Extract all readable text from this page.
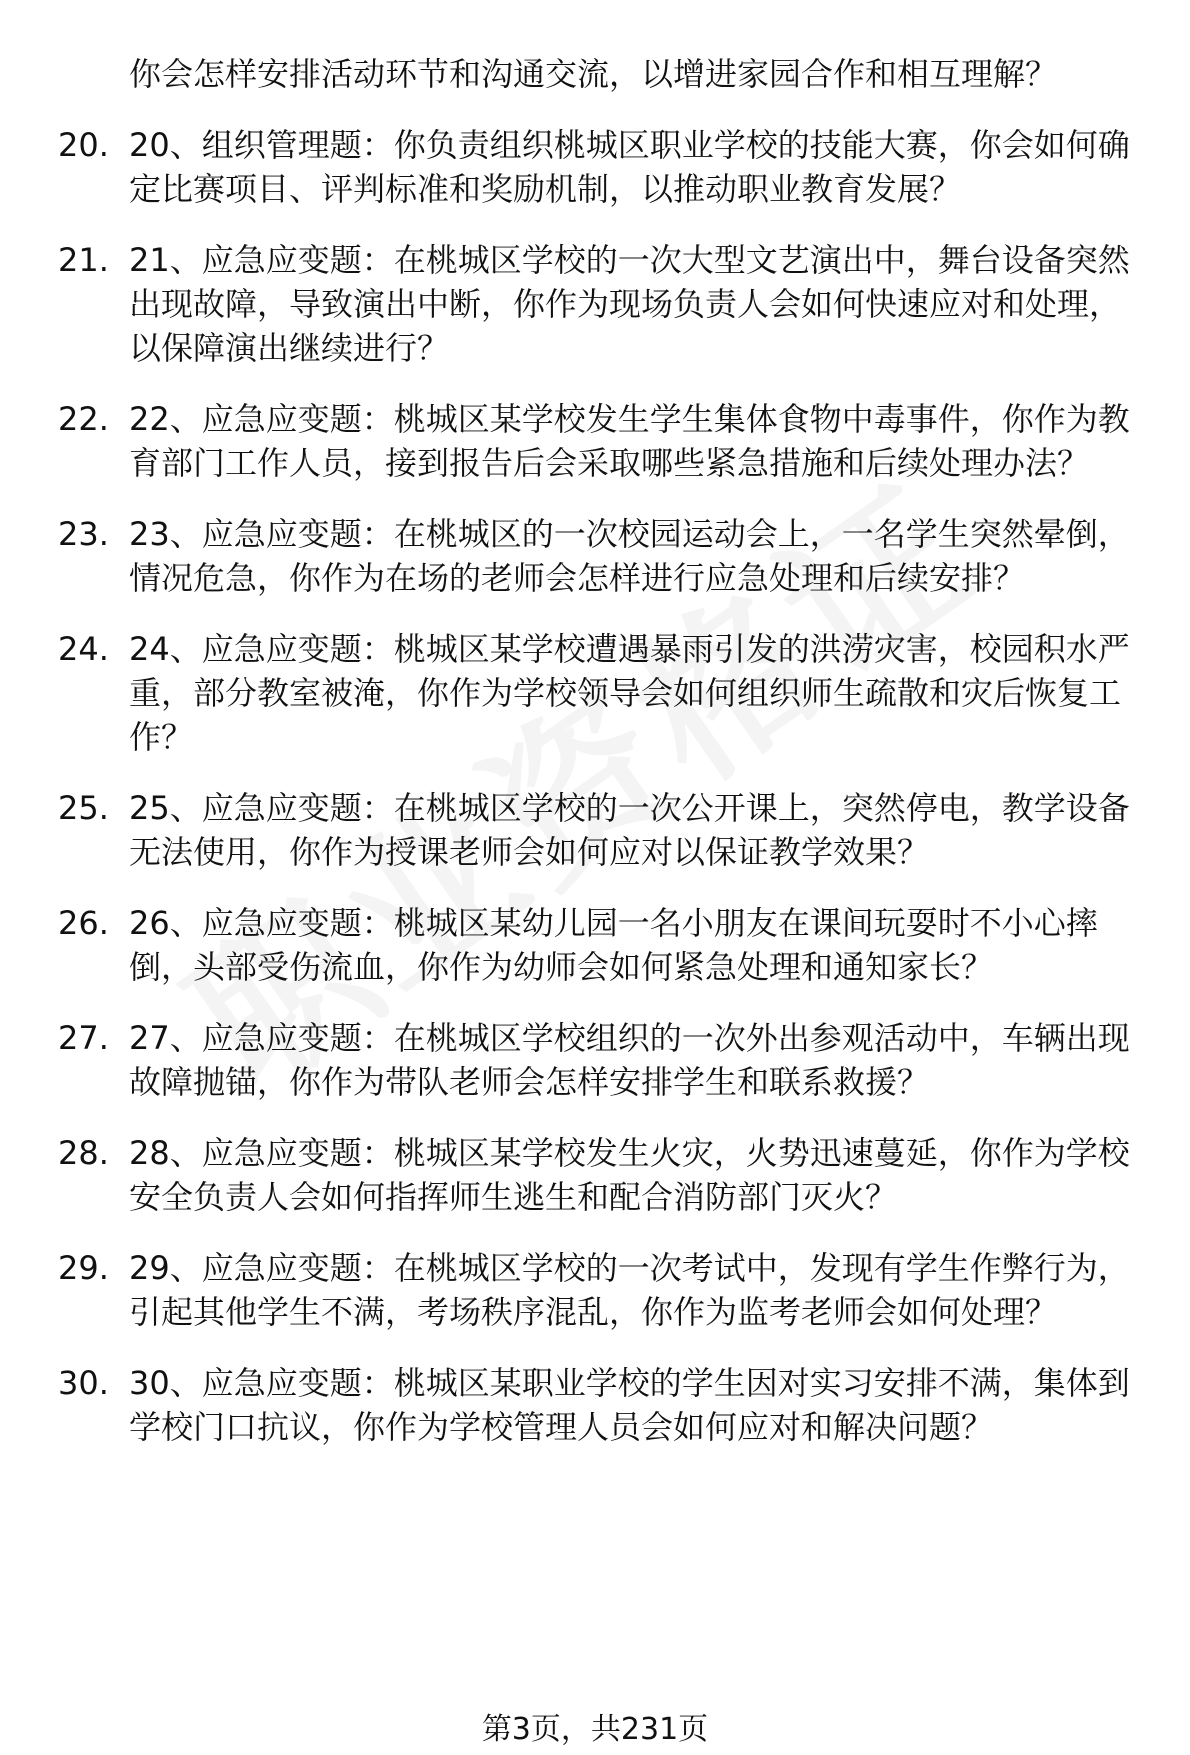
你会怎样安排活动环节和沟通交流，以增进家园合作和相互理解？
20. 20、组织管理题：你负责组织桃城区职业学校的技能大赛，你会如何确定比赛项目、评判标准和奖励机制，以推动职业教育发展？
21. 21、应急应变题：在桃城区学校的一次大型文艺演出中，舞台设备突然出现故障，导致演出中断，你作为现场负责人会如何快速应对和处理，以保障演出继续进行？
22. 22、应急应变题：桃城区某学校发生学生集体食物中毒事件，你作为教育部门工作人员，接到报告后会采取哪些紧急措施和后续处理办法？
23. 23、应急应变题：在桃城区的一次校园运动会上，一名学生突然晕倒，情况危急，你作为在场的老师会怎样进行应急处理和后续安排？
24. 24、应急应变题：桃城区某学校遭遇暴雨引发的洪涝灾害，校园积水严重，部分教室被淹，你作为学校领导会如何组织师生疏散和灾后恢复工作？
25. 25、应急应变题：在桃城区学校的一次公开课上，突然停电，教学设备无法使用，你作为授课老师会如何应对以保证教学效果？
26. 26、应急应变题：桃城区某幼儿园一名小朋友在课间玩耍时不小心摔倒，头部受伤流血，你作为幼师会如何紧急处理和通知家长？
27. 27、应急应变题：在桃城区学校组织的一次外出参观活动中，车辆出现故障抛锚，你作为带队老师会怎样安排学生和联系救援？
28. 28、应急应变题：桃城区某学校发生火灾，火势迅速蔓延，你作为学校安全负责人会如何指挥师生逃生和配合消防部门灭火？
29. 29、应急应变题：在桃城区学校的一次考试中，发现有学生作弊行为，引起其他学生不满，考场秩序混乱，你作为监考老师会如何处理？
30. 30、应急应变题：桃城区某职业学校的学生因对实习安排不满，集体到学校门口抗议，你作为学校管理人员会如何应对和解决问题？
第3页，共231页
